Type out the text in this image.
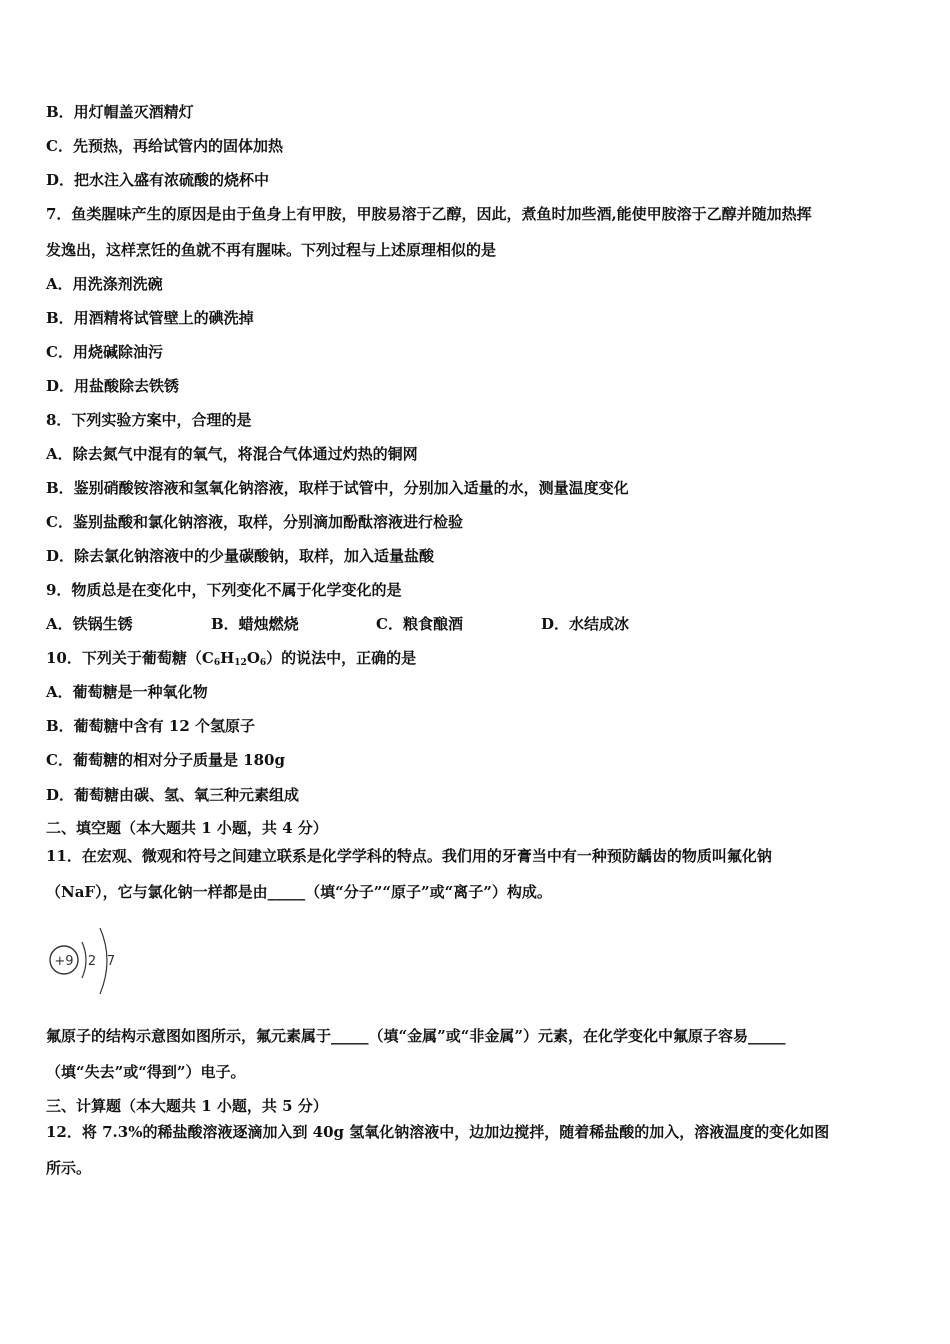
B．用灯帽盖灭酒精灯
C．先预热，再给试管内的固体加热
D．把水注入盛有浓硫酸的烧杯中
7．鱼类腥味产生的原因是由于鱼身上有甲胺，甲胺易溶于乙醇，因此，煮鱼时加些酒,能使甲胺溶于乙醇并随加热挥
发逸出，这样烹饪的鱼就不再有腥味。下列过程与上述原理相似的是
A．用洗涤剂洗碗
B．用酒精将试管壁上的碘洗掉
C．用烧碱除油污
D．用盐酸除去铁锈
8．下列实验方案中，合理的是
A．除去氮气中混有的氧气，将混合气体通过灼热的铜网
B．鉴别硝酸铵溶液和氢氧化钠溶液，取样于试管中，分别加入适量的水，测量温度变化
C．鉴别盐酸和氯化钠溶液，取样，分别滴加酚酞溶液进行检验
D．除去氯化钠溶液中的少量碳酸钠，取样，加入适量盐酸
9．物质总是在变化中，下列变化不属于化学变化的是
A．铁锅生锈	B．蜡烛燃烧	C．粮食酿酒	D．水结成冰
10．下列关于葡萄糖$(C_6H_{12}O_6)$的说法中，正确的是
A．葡萄糖是一种氧化物
B．葡萄糖中含有 12 个氢原子
C．葡萄糖的相对分子质量是 180g
D．葡萄糖由碳、氢、氧三种元素组成
二、填空题（本大题共 1 小题，共 4 分）
11．在宏观、微观和符号之间建立联系是化学学科的特点。我们用的牙膏当中有一种预防龋齿的物质叫氟化钠
（NaF），它与氯化钠一样都是由_____（填“分子”“原子”或“离子”）构成。
+9 2 7
氟原子的结构示意图如图所示，氟元素属于_____（填“金属”或“非金属”）元素，在化学变化中氟原子容易_____
（填“失去”或“得到”）电子。
三、计算题（本大题共 1 小题，共 5 分）
12．将 7.3%的稀盐酸溶液逐滴加入到 40g 氢氧化钠溶液中，边加边搅拌，随着稀盐酸的加入，溶液温度的变化如图
所示。
